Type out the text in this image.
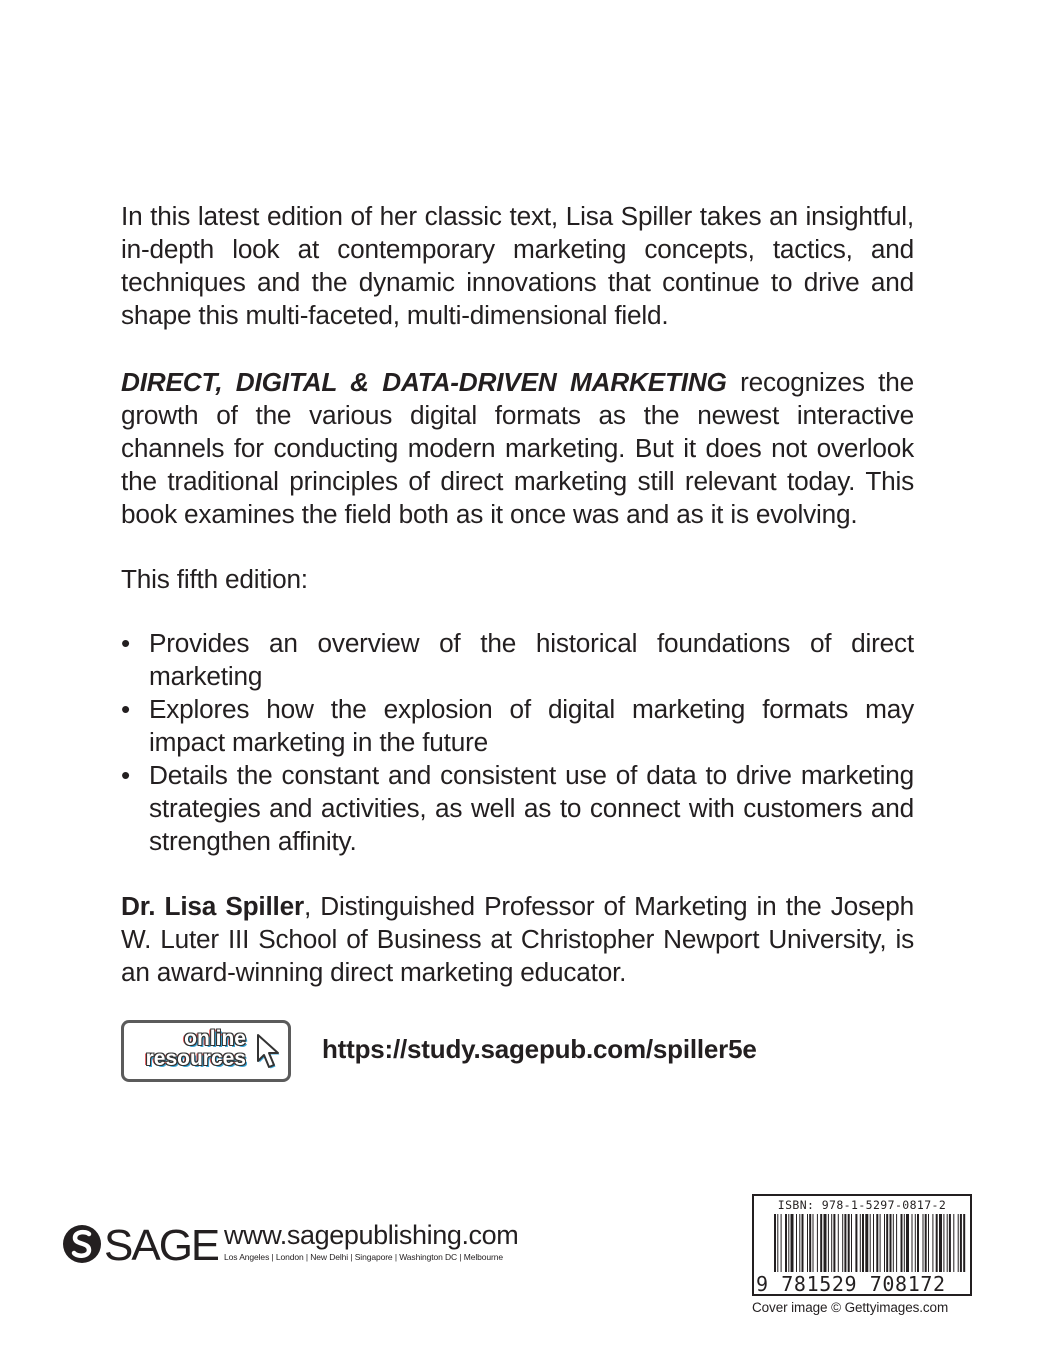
In this latest edition of her classic text, Lisa Spiller takes an insightful, in-depth look at contemporary marketing concepts, tactics, and techniques and the dynamic innovations that continue to drive and shape this multi-faceted, multi-dimensional field.

DIRECT, DIGITAL & DATA-DRIVEN MARKETING recognizes the growth of the various digital formats as the newest interactive channels for conducting modern marketing. But it does not overlook the traditional principles of direct marketing still relevant today. This book examines the field both as it once was and as it is evolving.

This fifth edition:

• Provides an overview of the historical foundations of direct marketing
• Explores how the explosion of digital marketing formats may impact marketing in the future
• Details the constant and consistent use of data to drive marketing strategies and activities, as well as to connect with customers and strengthen affinity.

Dr. Lisa Spiller, Distinguished Professor of Marketing in the Joseph W. Luter III School of Business at Christopher Newport University, is an award-winning direct marketing educator.

online
resources	https://study.sagepub.com/spiller5e
SAGE www.sagepublishing.com
Los Angeles | London | New Delhi | Singapore | Washington DC | Melbourne
ISBN: 978-1-5297-0817-2
9 781529 708172
Cover image © Gettyimages.com
